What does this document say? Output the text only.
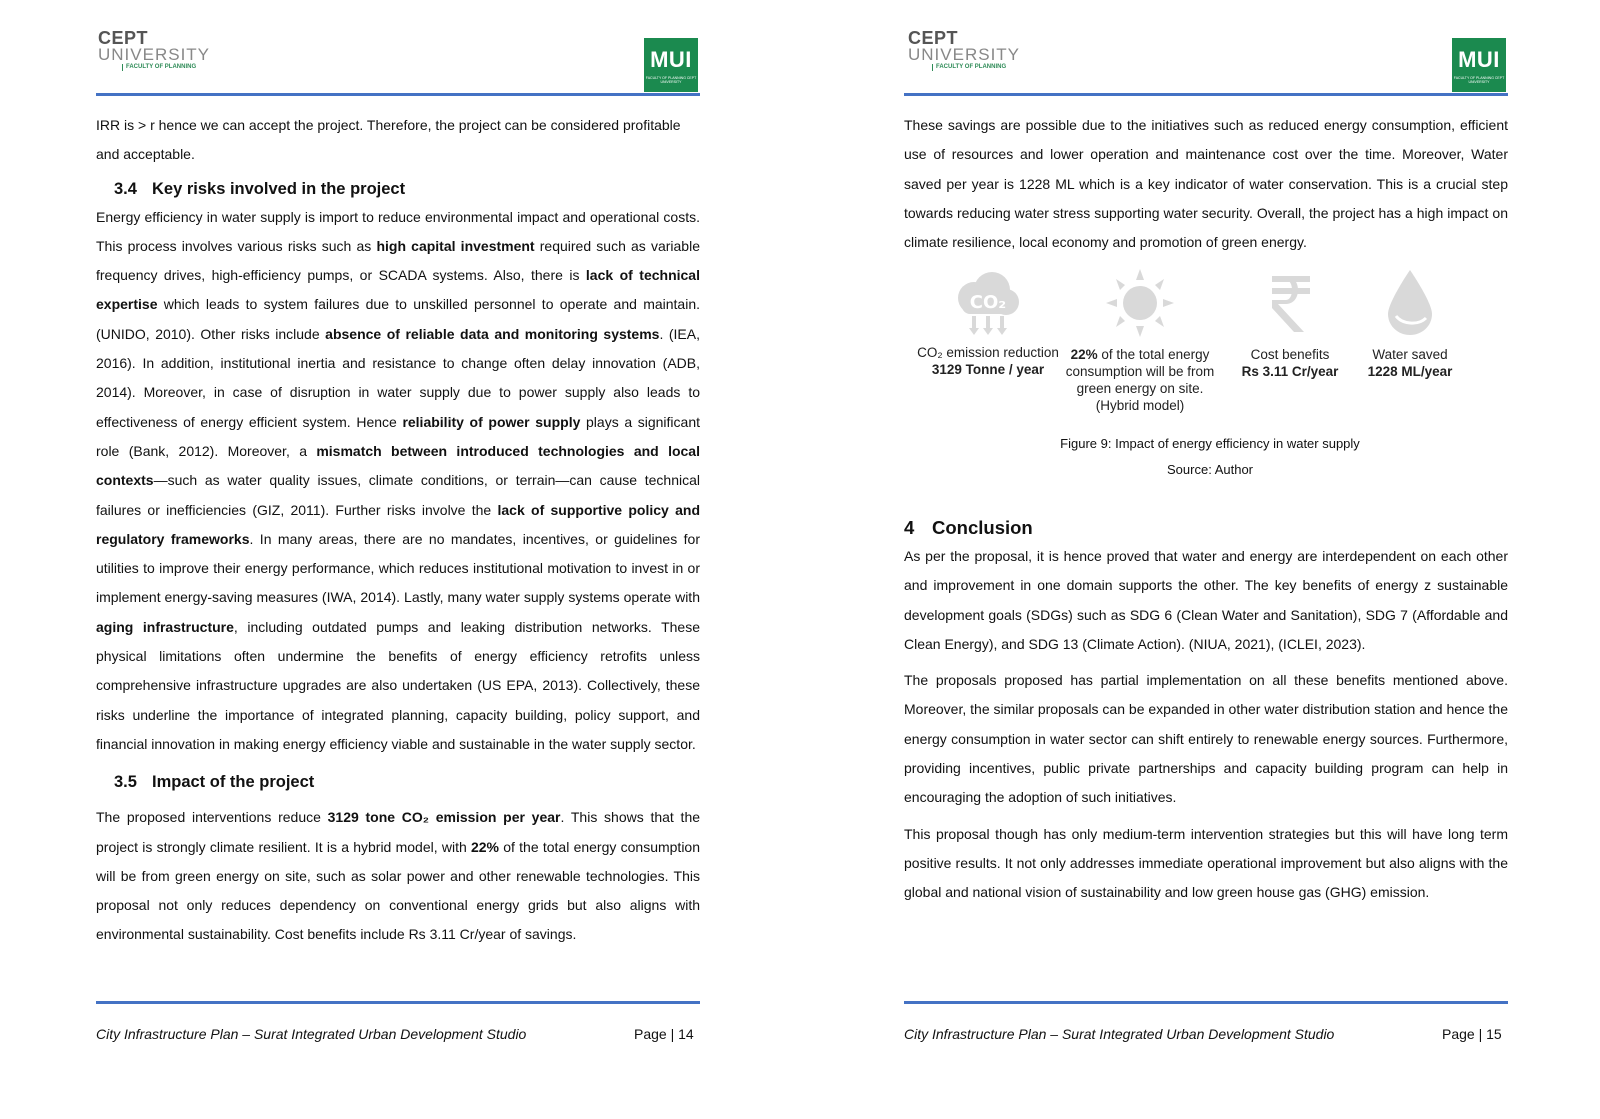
CEPT
UNIVERSITY
FACULTY OF PLANNING	MUI
FACULTY OF PLANNING CEPT UNIVERSITY

IRR is > r hence we can accept the project. Therefore, the project can be considered profitable
and acceptable.

3.4 Key risks involved in the project

Energy efficiency in water supply is import to reduce environmental impact and operational costs. This process involves various risks such as high capital investment required such as variable frequency drives, high-efficiency pumps, or SCADA systems. Also, there is lack of technical expertise which leads to system failures due to unskilled personnel to operate and maintain. (UNIDO, 2010). Other risks include absence of reliable data and monitoring systems. (IEA, 2016). In addition, institutional inertia and resistance to change often delay innovation (ADB, 2014). Moreover, in case of disruption in water supply due to power supply also leads to effectiveness of energy efficient system. Hence reliability of power supply plays a significant role (Bank, 2012). Moreover, a mismatch between introduced technologies and local contexts—such as water quality issues, climate conditions, or terrain—can cause technical failures or inefficiencies (GIZ, 2011). Further risks involve the lack of supportive policy and regulatory frameworks. In many areas, there are no mandates, incentives, or guidelines for utilities to improve their energy performance, which reduces institutional motivation to invest in or implement energy-saving measures (IWA, 2014). Lastly, many water supply systems operate with aging infrastructure, including outdated pumps and leaking distribution networks. These physical limitations often undermine the benefits of energy efficiency retrofits unless comprehensive infrastructure upgrades are also undertaken (US EPA, 2013). Collectively, these risks underline the importance of integrated planning, capacity building, policy support, and financial innovation in making energy efficiency viable and sustainable in the water supply sector.

3.5 Impact of the project

The proposed interventions reduce 3129 tone CO₂ emission per year. This shows that the project is strongly climate resilient. It is a hybrid model, with 22% of the total energy consumption will be from green energy on site, such as solar power and other renewable technologies. This proposal not only reduces dependency on conventional energy grids but also aligns with environmental sustainability. Cost benefits include Rs 3.11 Cr/year of savings.

City Infrastructure Plan – Surat Integrated Urban Development Studio	Page | 14
CEPT
UNIVERSITY
FACULTY OF PLANNING	MUI
FACULTY OF PLANNING CEPT UNIVERSITY
These savings are possible due to the initiatives such as reduced energy consumption, efficient use of resources and lower operation and maintenance cost over the time. Moreover, Water saved per year is 1228 ML which is a key indicator of water conservation. This is a crucial step towards reducing water stress supporting water security. Overall, the project has a high impact on climate resilience, local economy and promotion of green energy.
CO₂
CO₂ emission reduction
3129 Tonne / year
22% of the total energy
consumption will be from
green energy on site.
(Hybrid model)
Cost benefits
Rs 3.11 Cr/year
Water saved
1228 ML/year
Figure 9: Impact of energy efficiency in water supply
Source: Author
4 Conclusion

As per the proposal, it is hence proved that water and energy are interdependent on each other and improvement in one domain supports the other. The key benefits of energy z sustainable development goals (SDGs) such as SDG 6 (Clean Water and Sanitation), SDG 7 (Affordable and Clean Energy), and SDG 13 (Climate Action). (NIUA, 2021), (ICLEI, 2023).

The proposals proposed has partial implementation on all these benefits mentioned above. Moreover, the similar proposals can be expanded in other water distribution station and hence the energy consumption in water sector can shift entirely to renewable energy sources. Furthermore, providing incentives, public private partnerships and capacity building program can help in encouraging the adoption of such initiatives.

This proposal though has only medium-term intervention strategies but this will have long term positive results. It not only addresses immediate operational improvement but also aligns with the global and national vision of sustainability and low green house gas (GHG) emission.

City Infrastructure Plan – Surat Integrated Urban Development Studio	Page | 15
